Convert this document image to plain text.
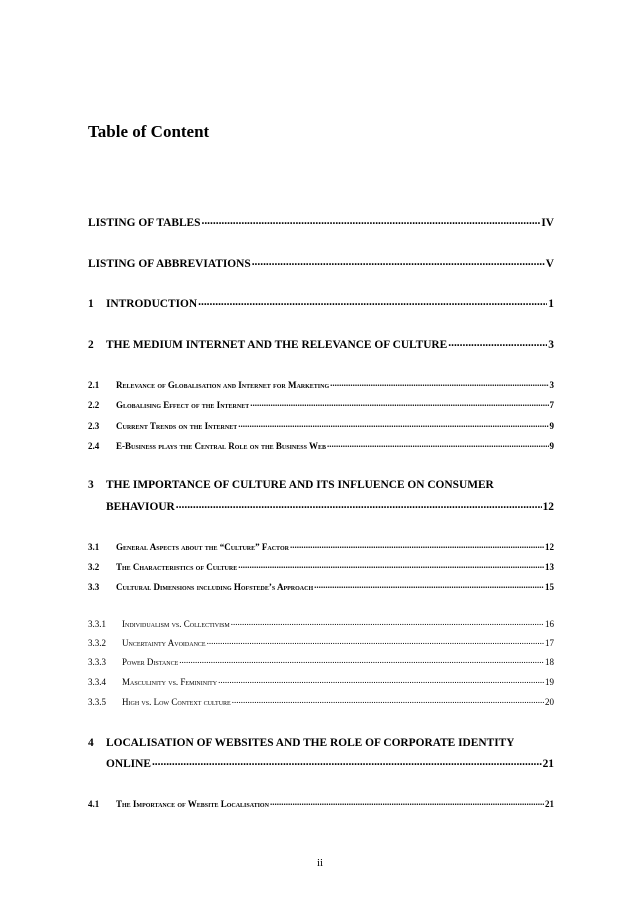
Table of Content
LISTING OF TABLES .....	IV
LISTING OF ABBREVIATIONS .....	V
1	INTRODUCTION .....	1
2	THE MEDIUM INTERNET AND THE RELEVANCE OF CULTURE .....	3
2.1	Relevance of Globalisation and Internet for Marketing .....	3
2.2	Globalising Effect of the Internet .....	7
2.3	Current Trends on the Internet .....	9
2.4	E-Business plays the Central Role on the Business Web .....	9
3	THE IMPORTANCE OF CULTURE AND ITS INFLUENCE ON CONSUMER
BEHAVIOUR .....	12
3.1	General Aspects about the “Culture” Factor .....	12
3.2	The Characteristics of Culture .....	13
3.3	Cultural Dimensions including Hofstede’s Approach .....	15
3.3.1	Individualism vs. Collectivism .....	16
3.3.2	Uncertainty Avoidance .....	17
3.3.3	Power Distance .....	18
3.3.4	Masculinity vs. Femininity .....	19
3.3.5	High vs. Low Context culture .....	20
4	LOCALISATION OF WEBSITES AND THE ROLE OF CORPORATE IDENTITY
ONLINE .....	21
4.1	The Importance of Website Localisation .....	21
ii
